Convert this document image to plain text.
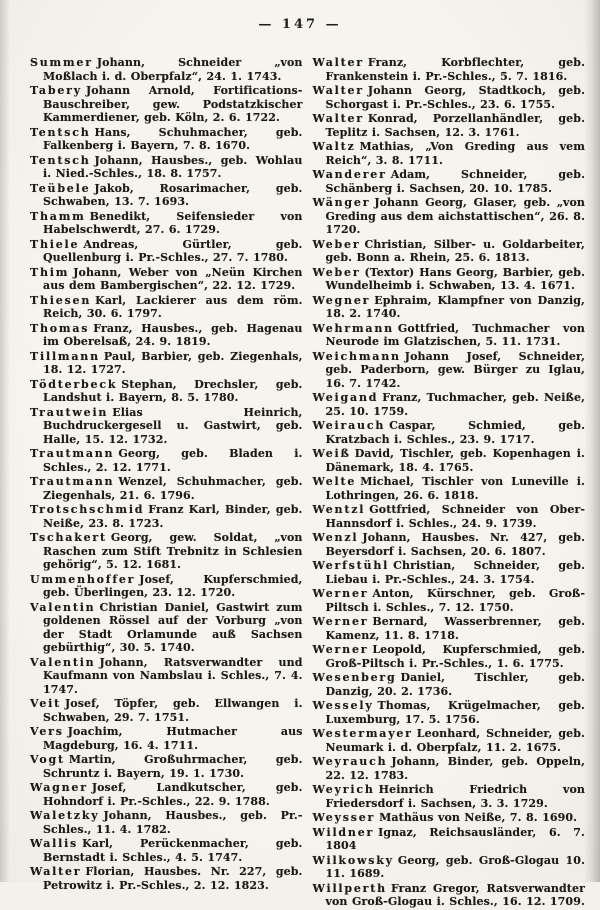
— 147 —

Summer Johann, Schneider „von Moßlach i. d. Oberpfalz“, 24. 1. 1743.

Tabery Johann Arnold, Fortifications-Bauschreiber, gew. Podstatzkischer Kammerdiener, geb. Köln, 2. 6. 1722.

Tentsch Hans, Schuhmacher, geb. Falkenberg i. Bayern, 7. 8. 1670.

Tentsch Johann, Hausbes., geb. Wohlau i. Nied.-Schles., 18. 8. 1757.

Teübele Jakob, Rosarimacher, geb. Schwaben, 13. 7. 1693.

Thamm Benedikt, Seifensieder von Habelschwerdt, 27. 6. 1729.

Thiele Andreas, Gürtler, geb. Quellenburg i. Pr.-Schles., 27. 7. 1780.

Thim Johann, Weber von „Neün Kirchen aus dem Bambergischen“, 22. 12. 1729.

Thiesen Karl, Lackierer aus dem röm. Reich, 30. 6. 1797.

Thomas Franz, Hausbes., geb. Hagenau im Oberelsaß, 24. 9. 1819.

Tillmann Paul, Barbier, geb. Ziegenhals, 18. 12. 1727.

Tödterbeck Stephan, Drechsler, geb. Landshut i. Bayern, 8. 5. 1780.

Trautwein Elias Heinrich, Buchdruckergesell u. Gastwirt, geb. Halle, 15. 12. 1732.

Trautmann Georg, geb. Bladen i. Schles., 2. 12. 1771.

Trautmann Wenzel, Schuhmacher, geb. Ziegenhals, 21. 6. 1796.

Trotschschmid Franz Karl, Binder, geb. Neiße, 23. 8. 1723.

Tschakert Georg, gew. Soldat, „von Raschen zum Stift Trebnitz in Schlesien gehörig“, 5. 12. 1681.

Ummenhoffer Josef, Kupferschmied, geb. Überlingen, 23. 12. 1720.

Valentin Christian Daniel, Gastwirt zum goldenen Rössel auf der Vorburg „von der Stadt Orlamunde auß Sachsen gebürthig“, 30. 5. 1740.

Valentin Johann, Ratsverwandter und Kaufmann von Nambslau i. Schles., 7. 4. 1747.

Veit Josef, Töpfer, geb. Ellwangen i. Schwaben, 29. 7. 1751.

Vers Joachim, Hutmacher aus Magdeburg, 16. 4. 1711.

Vogt Martin, Großuhrmacher, geb. Schruntz i. Bayern, 19. 1. 1730.

Wagner Josef, Landkutscher, geb. Hohndorf i. Pr.-Schles., 22. 9. 1788.

Waletzky Johann, Hausbes., geb. Pr.-Schles., 11. 4. 1782.

Wallis Karl, Perückenmacher, geb. Bernstadt i. Schles., 4. 5. 1747.

Walter Florian, Hausbes. Nr. 227, geb. Petrowitz i. Pr.-Schles., 2. 12. 1823.

Walter Franz, Korbflechter, geb. Frankenstein i. Pr.-Schles., 5. 7. 1816.

Walter Johann Georg, Stadtkoch, geb. Schorgast i. Pr.-Schles., 23. 6. 1755.

Walter Konrad, Porzellanhändler, geb. Teplitz i. Sachsen, 12. 3. 1761.

Waltz Mathias, „Von Greding aus vem Reich“, 3. 8. 1711.

Wanderer Adam, Schneider, geb. Schänberg i. Sachsen, 20. 10. 1785.

Wänger Johann Georg, Glaser, geb. „von Greding aus dem aichstattischen“, 26. 8. 1720.

Weber Christian, Silber- u. Goldarbeiter, geb. Bonn a. Rhein, 25. 6. 1813.

Weber (Textor) Hans Georg, Barbier, geb. Wundelheimb i. Schwaben, 13. 4. 1671.

Wegner Ephraim, Klampfner von Danzig, 18. 2. 1740.

Wehrmann Gottfried, Tuchmacher von Neurode im Glatzischen, 5. 11. 1731.

Weichmann Johann Josef, Schneider, geb. Paderborn, gew. Bürger zu Iglau, 16. 7. 1742.

Weigand Franz, Tuchmacher, geb. Neiße, 25. 10. 1759.

Weirauch Caspar, Schmied, geb. Kratzbach i. Schles., 23. 9. 1717.

Weiß David, Tischler, geb. Kopenhagen i. Dänemark, 18. 4. 1765.

Welte Michael, Tischler von Luneville i. Lothringen, 26. 6. 1818.

Wentzl Gottfried, Schneider von Ober-Hannsdorf i. Schles., 24. 9. 1739.

Wenzl Johann, Hausbes. Nr. 427, geb. Beyersdorf i. Sachsen, 20. 6. 1807.

Werfstühl Christian, Schneider, geb. Liebau i. Pr.-Schles., 24. 3. 1754.

Werner Anton, Kürschner, geb. Groß-Piltsch i. Schles., 7. 12. 1750.

Werner Bernard, Wasserbrenner, geb. Kamenz, 11. 8. 1718.

Werner Leopold, Kupferschmied, geb. Groß-Piltsch i. Pr.-Schles., 1. 6. 1775.

Wesenberg Daniel, Tischler, geb. Danzig, 20. 2. 1736.

Wessely Thomas, Krügelmacher, geb. Luxemburg, 17. 5. 1756.

Westermayer Leonhard, Schneider, geb. Neumark i. d. Oberpfalz, 11. 2. 1675.

Weyrauch Johann, Binder, geb. Oppeln, 22. 12. 1783.

Weyrich Heinrich Friedrich von Friedersdorf i. Sachsen, 3. 3. 1729.

Weysser Mathäus von Neiße, 7. 8. 1690.

Wildner Ignaz, Reichsausländer, 6. 7. 1804

Wilkowsky Georg, geb. Groß-Glogau 10. 11. 1689.

Willperth Franz Gregor, Ratsverwandter von Groß-Glogau i. Schles., 16. 12. 1709.
